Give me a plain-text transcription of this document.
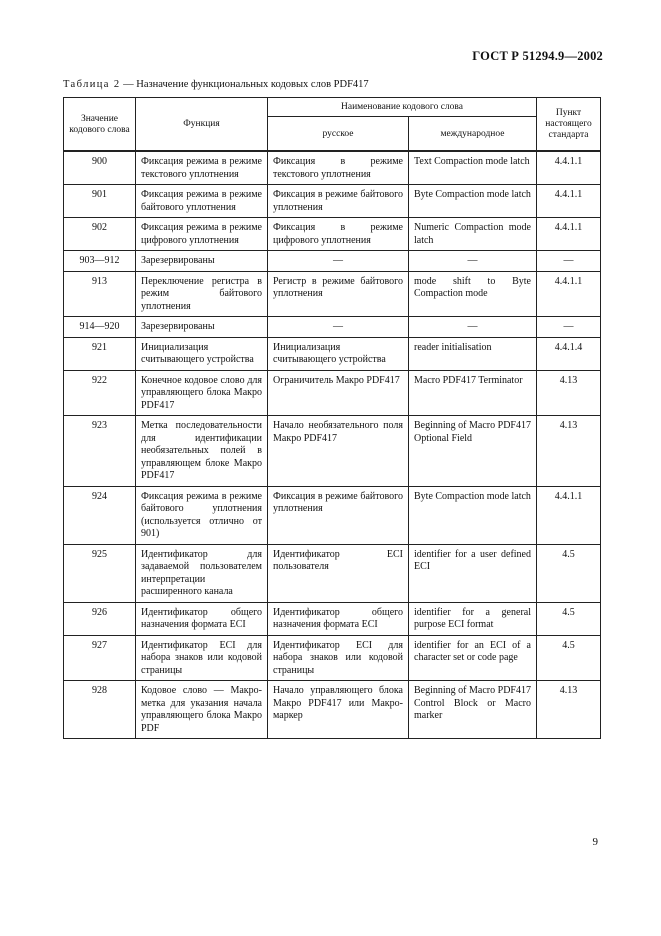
ГОСТ Р 51294.9—2002
Таблица 2 — Назначение функциональных кодовых слов PDF417
Значение кодового слова	Функция	Наименование кодового слова		Пункт настоящего стандарта
		русское	международное	
900	Фиксация режима в режиме текстового уплотнения	Фиксация в режиме текстового уплотнения	Text Compaction mode latch	4.4.1.1
901	Фиксация режима в режиме байтового уплотнения	Фиксация в режиме байтового уплотнения	Byte Compaction mode latch	4.4.1.1
902	Фиксация режима в режиме цифрового уплотнения	Фиксация в режиме цифрового уплотнения	Numeric Compaction mode latch	4.4.1.1
903—912	Зарезервированы	—	—	—
913	Переключение регистра в режим байтового уплотнения	Регистр в режиме байтового уплотнения	mode shift to Byte Compaction mode	4.4.1.1
914—920	Зарезервированы	—	—	—
921	Инициализация считывающего устройства	Инициализация считывающего устройства	reader initialisation	4.4.1.4
922	Конечное кодовое слово для управляющего блока Макро PDF417	Ограничитель Макро PDF417	Macro PDF417 Terminator	4.13
923	Метка последовательности для идентификации необязательных полей в управляющем блоке Макро PDF417	Начало необязательного поля Макро PDF417	Beginning of Macro PDF417 Optional Field	4.13
924	Фиксация режима в режиме байтового уплотнения (используется отлично от 901)	Фиксация в режиме байтового уплотнения	Byte Compaction mode latch	4.4.1.1
925	Идентификатор для задаваемой пользователем интерпретации расширенного канала	Идентификатор ECI пользователя	identifier for a user defined ECI	4.5
926	Идентификатор общего назначения формата ECI	Идентификатор общего назначения формата ECI	identifier for a general purpose ECI format	4.5
927	Идентификатор ECI для набора знаков или кодовой страницы	Идентификатор ECI для набора знаков или кодовой страницы	identifier for an ECI of a character set or code page	4.5
928	Кодовое слово — Макро-метка для указания начала управляющего блока Макро PDF	Начало управляющего блока Макро PDF417 или Макро-маркер	Beginning of Macro PDF417 Control Block or Macro marker	4.13
9
